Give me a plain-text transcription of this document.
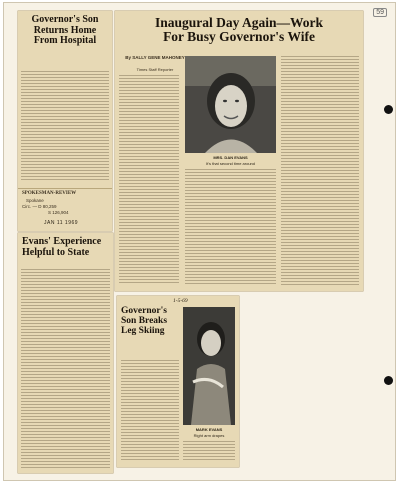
59
Governor's Son Returns Home From Hospital
Inaugural Day Again—Work
For Busy Governor's Wife
By SALLY GENE MAHONEY
Times Staff Reporter
MRS. DAN EVANS
It's that second time around
SPOKESMAN-REVIEW
Spokane
Circ. — D 80,259
S 126,904
JAN 11 1969
Evans' Experience Helpful to State
1-5-69
Governor's Son Breaks Leg Skiing
MARK EVANS
Right arm drapes
